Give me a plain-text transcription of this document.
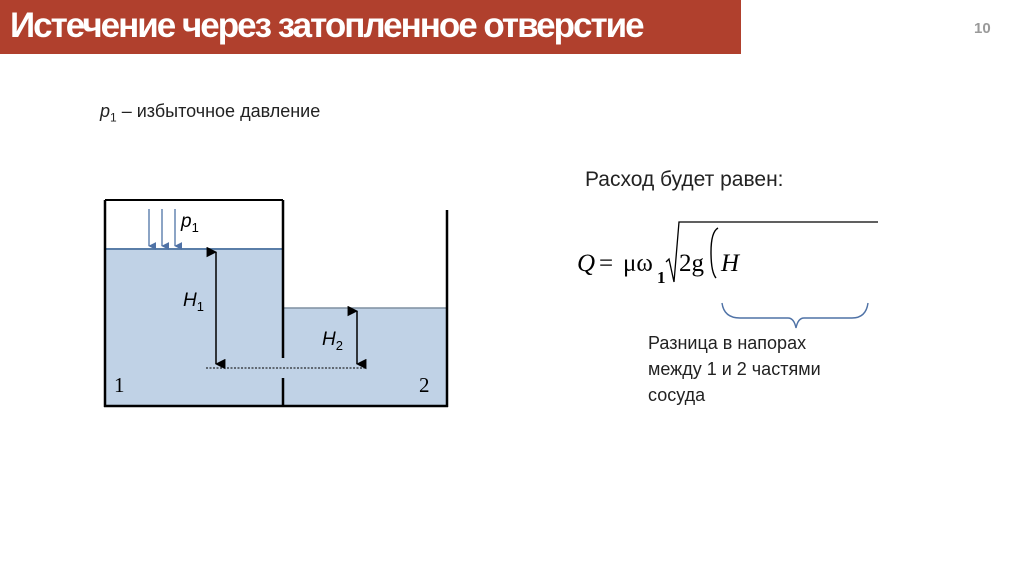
Истечение через затопленное отверстие	10
$p_1$ – избыточное давление
Расход будет равен:
$p_1$
$H_1$
$H_2$
1	2
Q = μω
1
2g H
Разница в напорах
между 1 и 2 частями
сосуда
